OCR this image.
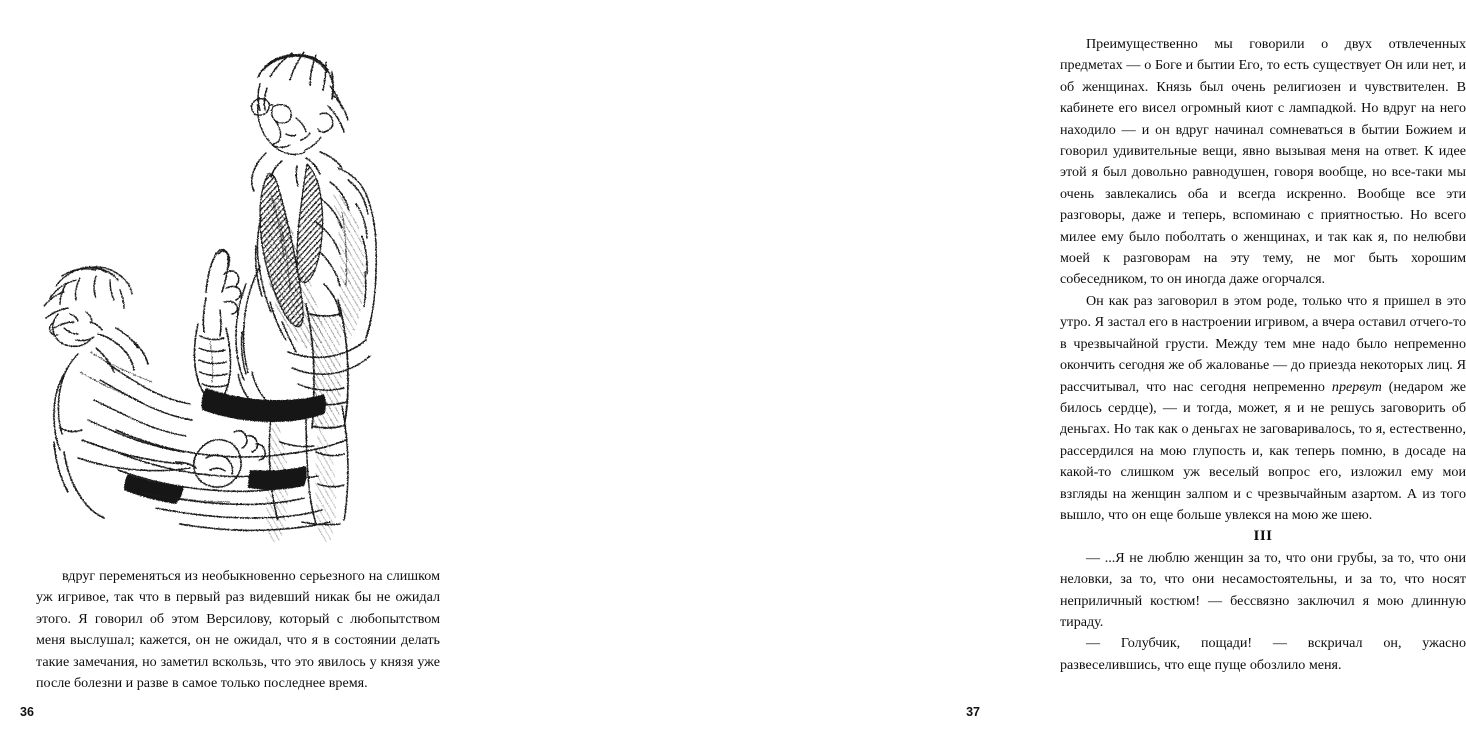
вдруг переменяться из необыкновенно серьезного на слишком уж игривое, так что в первый раз видевший никак бы не ожидал этого. Я говорил об этом Версилову, который с любопытством меня выслушал; кажется, он не ожидал, что я в состоянии делать такие замечания, но заметил вскользь, что это явилось у князя уже после болезни и разве в самое только последнее время.

36

Преимущественно мы говорили о двух отвлеченных предметах — о Боге и бытии Его, то есть существует Он или нет, и об женщинах. Князь был очень религиозен и чувствителен. В кабинете его висел огромный киот с лампадкой. Но вдруг на него находило — и он вдруг начинал сомневаться в бытии Божием и говорил удивительные вещи, явно вызывая меня на ответ. К идее этой я был довольно равнодушен, говоря вообще, но все-таки мы очень завлекались оба и всегда искренно. Вообще все эти разговоры, даже и теперь, вспоминаю с приятностью. Но всего милее ему было поболтать о женщинах, и так как я, по нелюбви моей к разговорам на эту тему, не мог быть хорошим собеседником, то он иногда даже огорчался.

Он как раз заговорил в этом роде, только что я пришел в это утро. Я застал его в настроении игривом, а вчера оставил отчего-то в чрезвычайной грусти. Между тем мне надо было непременно окончить сегодня же об жалованье — до приезда некоторых лиц. Я рассчитывал, что нас сегодня непременно прервут (недаром же билось сердце), — и тогда, может, я и не решусь заговорить об деньгах. Но так как о деньгах не заговаривалось, то я, естественно, рассердился на мою глупость и, как теперь помню, в досаде на какой-то слишком уж веселый вопрос его, изложил ему мои взгляды на женщин залпом и с чрезвычайным азартом. А из того вышло, что он еще больше увлекся на мою же шею.

III

— ...Я не люблю женщин за то, что они грубы, за то, что они неловки, за то, что они несамостоятельны, и за то, что носят неприличный костюм! — бессвязно заключил я мою длинную тираду.

— Голубчик, пощади! — вскричал он, ужасно развеселившись, что еще пуще обозлило меня.

37
